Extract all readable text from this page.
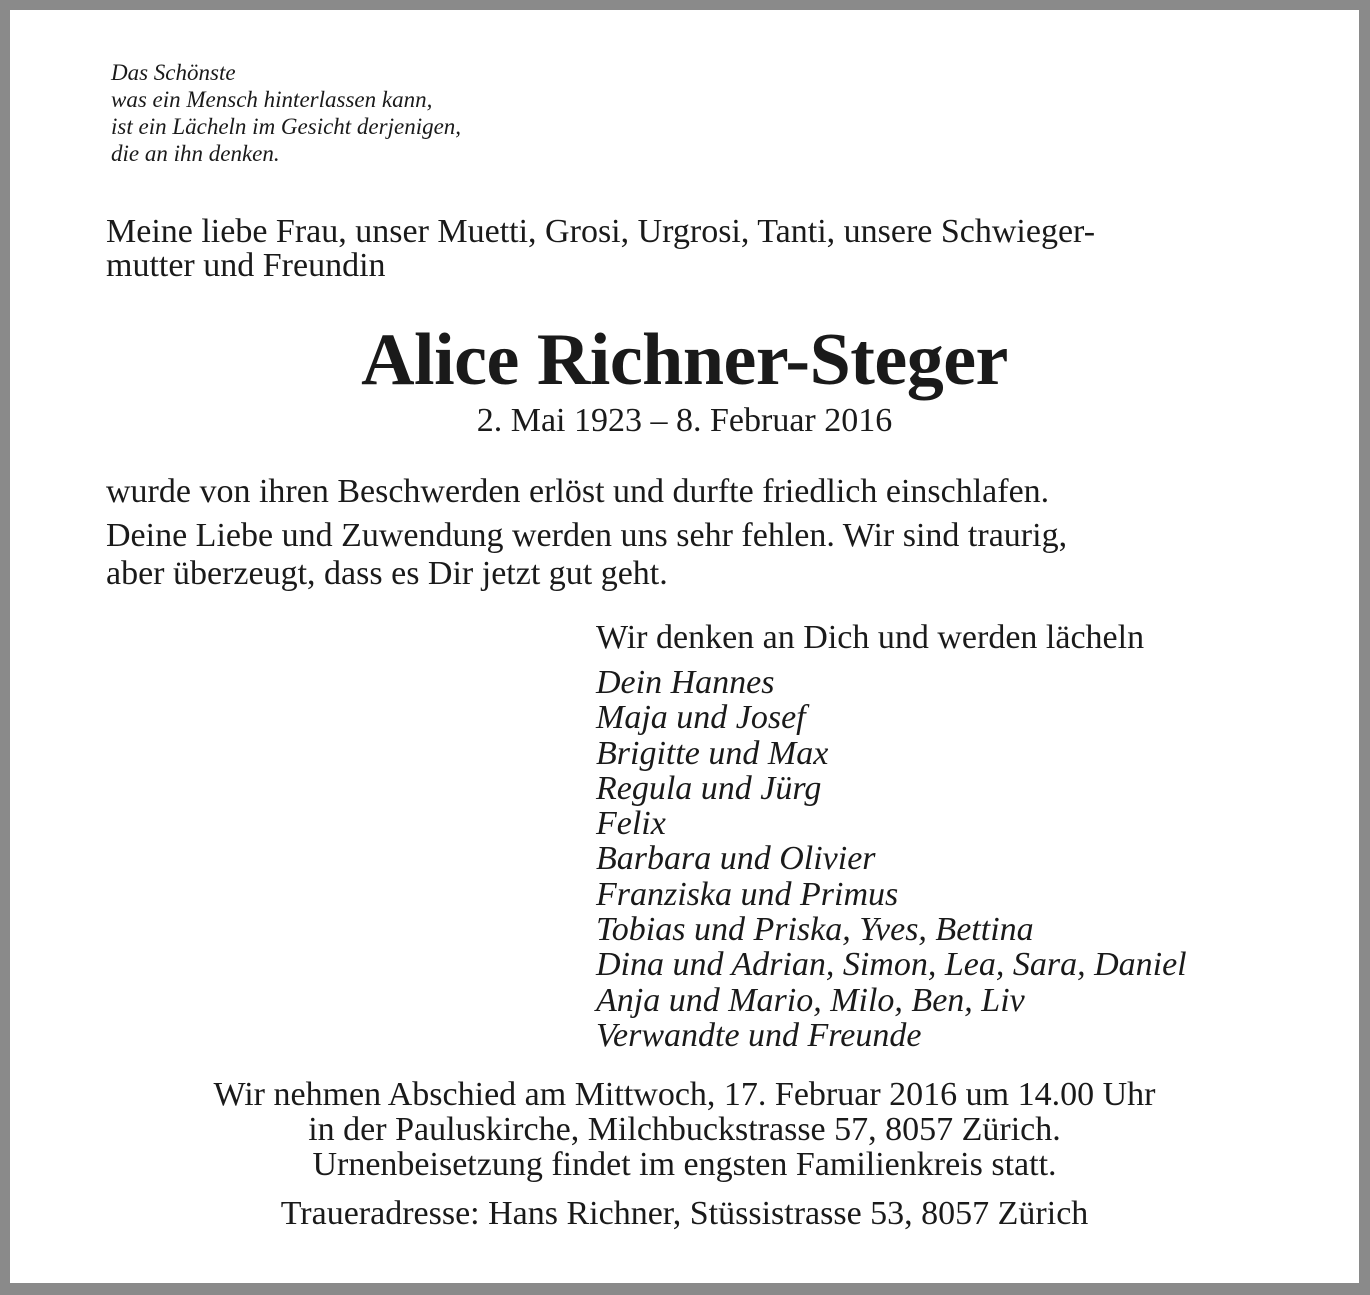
Das Schönste
was ein Mensch hinterlassen kann,
ist ein Lächeln im Gesicht derjenigen,
die an ihn denken.
Meine liebe Frau, unser Muetti, Grosi, Urgrosi, Tanti, unsere Schwieger-
mutter und Freundin
Alice Richner-Steger
2. Mai 1923 – 8. Februar 2016
wurde von ihren Beschwerden erlöst und durfte friedlich einschlafen.
Deine Liebe und Zuwendung werden uns sehr fehlen. Wir sind traurig,
aber überzeugt, dass es Dir jetzt gut geht.
Wir denken an Dich und werden lächeln
Dein Hannes
Maja und Josef
Brigitte und Max
Regula und Jürg
Felix
Barbara und Olivier
Franziska und Primus
Tobias und Priska, Yves, Bettina
Dina und Adrian, Simon, Lea, Sara, Daniel
Anja und Mario, Milo, Ben, Liv
Verwandte und Freunde
Wir nehmen Abschied am Mittwoch, 17. Februar 2016 um 14.00 Uhr
in der Pauluskirche, Milchbuckstrasse 57, 8057 Zürich.
Urnenbeisetzung findet im engsten Familienkreis statt.
Traueradresse: Hans Richner, Stüssistrasse 53, 8057 Zürich
